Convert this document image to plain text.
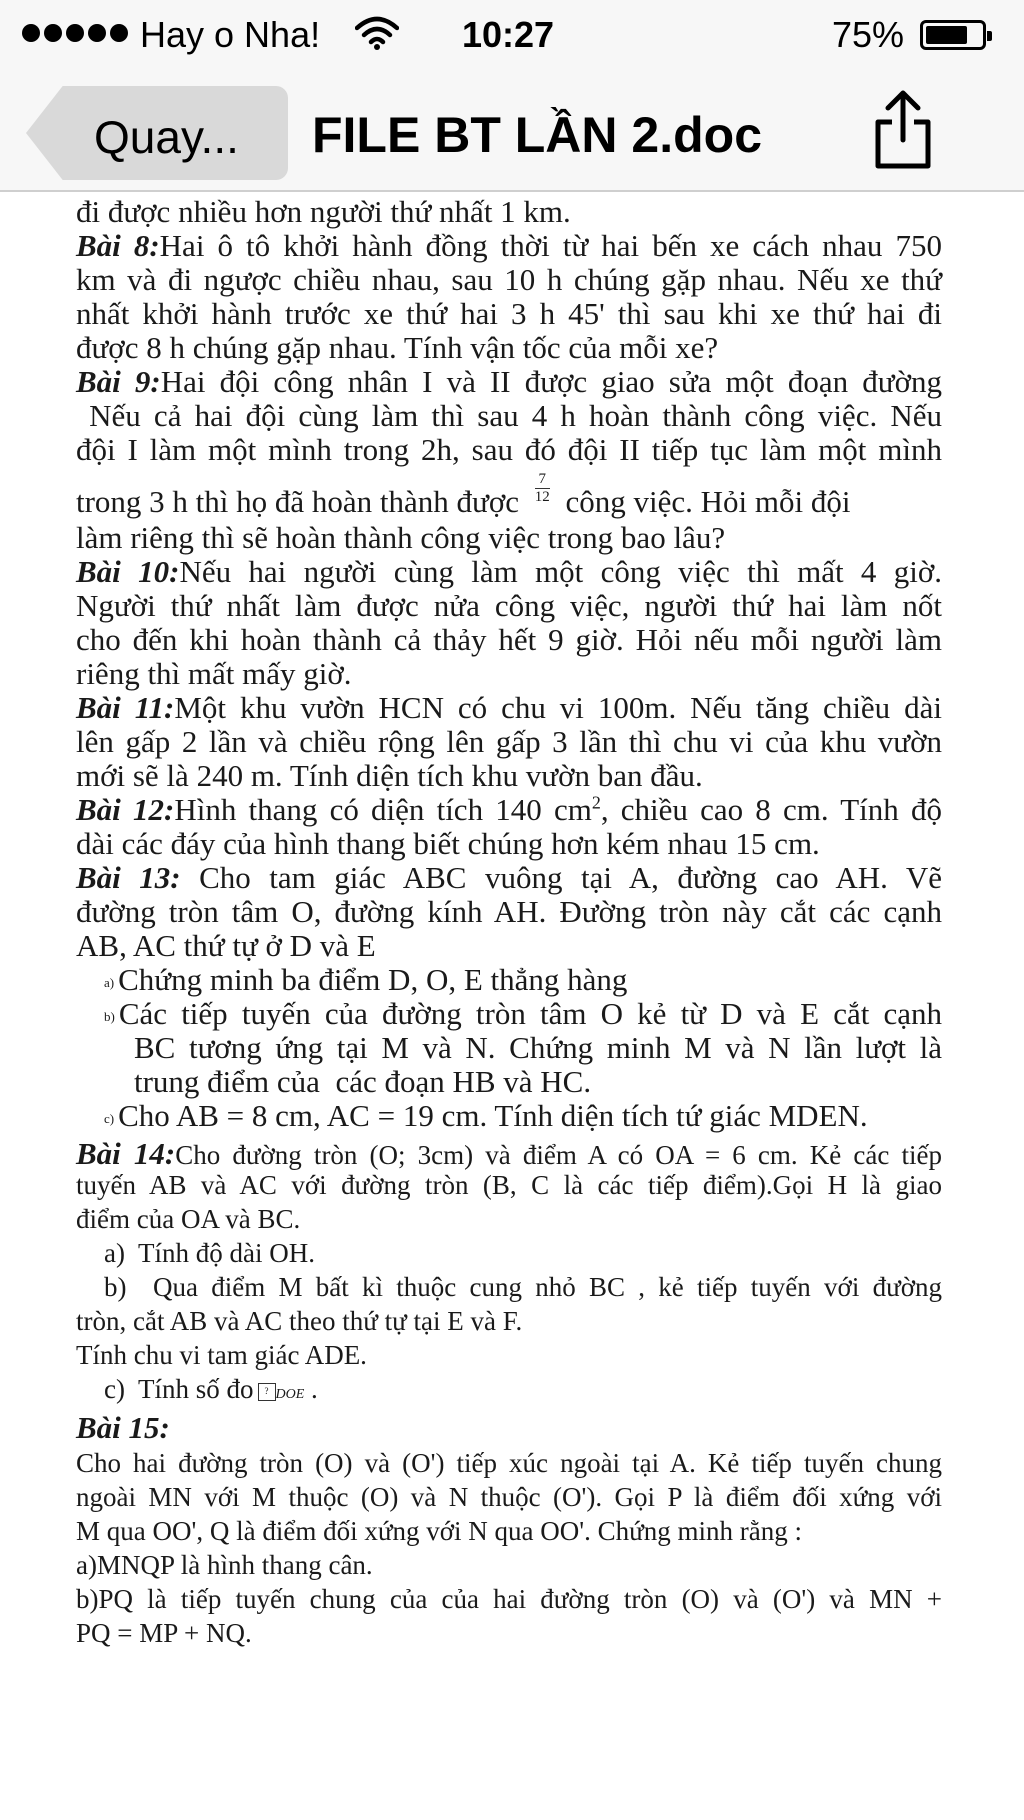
Hay o Nha!	10:27	75%
Quay... FILE BT LẦN 2.doc
đi được nhiều hơn người thứ nhất 1 km.
Bài 8:Hai ô tô khởi hành đồng thời từ hai bến xe cách nhau 750
km và đi ngược chiều nhau, sau 10 h chúng gặp nhau. Nếu xe thứ
nhất khởi hành trước xe thứ hai 3 h 45' thì sau khi xe thứ hai đi
được 8 h chúng gặp nhau. Tính vận tốc của mỗi xe?
Bài 9:Hai đội công nhân I và II được giao sửa một đoạn đường
Nếu cả hai đội cùng làm thì sau 4 h hoàn thành công việc. Nếu
đội I làm một mình trong 2h, sau đó đội II tiếp tục làm một mình
trong 3 h thì họ đã hoàn thành được $\frac{7}{12}$ công việc. Hỏi mỗi đội
làm riêng thì sẽ hoàn thành công việc trong bao lâu?
Bài 10:Nếu hai người cùng làm một công việc thì mất 4 giờ.
Người thứ nhất làm được nửa công việc, người thứ hai làm nốt
cho đến khi hoàn thành cả thảy hết 9 giờ. Hỏi nếu mỗi người làm
riêng thì mất mấy giờ.
Bài 11:Một khu vườn HCN có chu vi 100m. Nếu tăng chiều dài
lên gấp 2 lần và chiều rộng lên gấp 3 lần thì chu vi của khu vườn
mới sẽ là 240 m. Tính diện tích khu vườn ban đầu.
Bài 12:Hình thang có diện tích 140 $cm^2$, chiều cao 8 cm. Tính độ
dài các đáy của hình thang biết chúng hơn kém nhau 15 cm.
Bài 13: Cho tam giác ABC vuông tại A, đường cao AH. Vẽ
đường tròn tâm O, đường kính AH. Đường tròn này cắt các cạnh
AB, AC thứ tự ở D và E
a) Chứng minh ba điểm D, O, E thẳng hàng
b) Các tiếp tuyến của đường tròn tâm O kẻ từ D và E cắt cạnh
BC tương ứng tại M và N. Chứng minh M và N lần lượt là
trung điểm của  các đoạn HB và HC.
c) Cho AB = 8 cm, AC = 19 cm. Tính diện tích tứ giác MDEN.
Bài 14:Cho đường tròn (O; 3cm) và điểm A có OA = 6 cm. Kẻ các tiếp
tuyến AB và AC với đường tròn (B, C là các tiếp điểm).Gọi H là giao
điểm của OA và BC.
a)  Tính độ dài OH.
b)  Qua điểm M bất kì thuộc cung nhỏ BC , kẻ tiếp tuyến với đường
tròn, cắt AB và AC theo thứ tự tại E và F.
Tính chu vi tam giác ADE.
c)  Tính số đo ? DOE .
Bài 15:
Cho hai đường tròn (O) và (O') tiếp xúc ngoài tại A. Kẻ tiếp tuyến chung
ngoài MN với M thuộc (O) và N thuộc (O'). Gọi P là điểm đối xứng với
M qua OO', Q là điểm đối xứng với N qua OO'. Chứng minh rằng :
a)MNQP là hình thang cân.
b)PQ là tiếp tuyến chung của của hai đường tròn (O) và (O') và MN +
PQ = MP + NQ.
